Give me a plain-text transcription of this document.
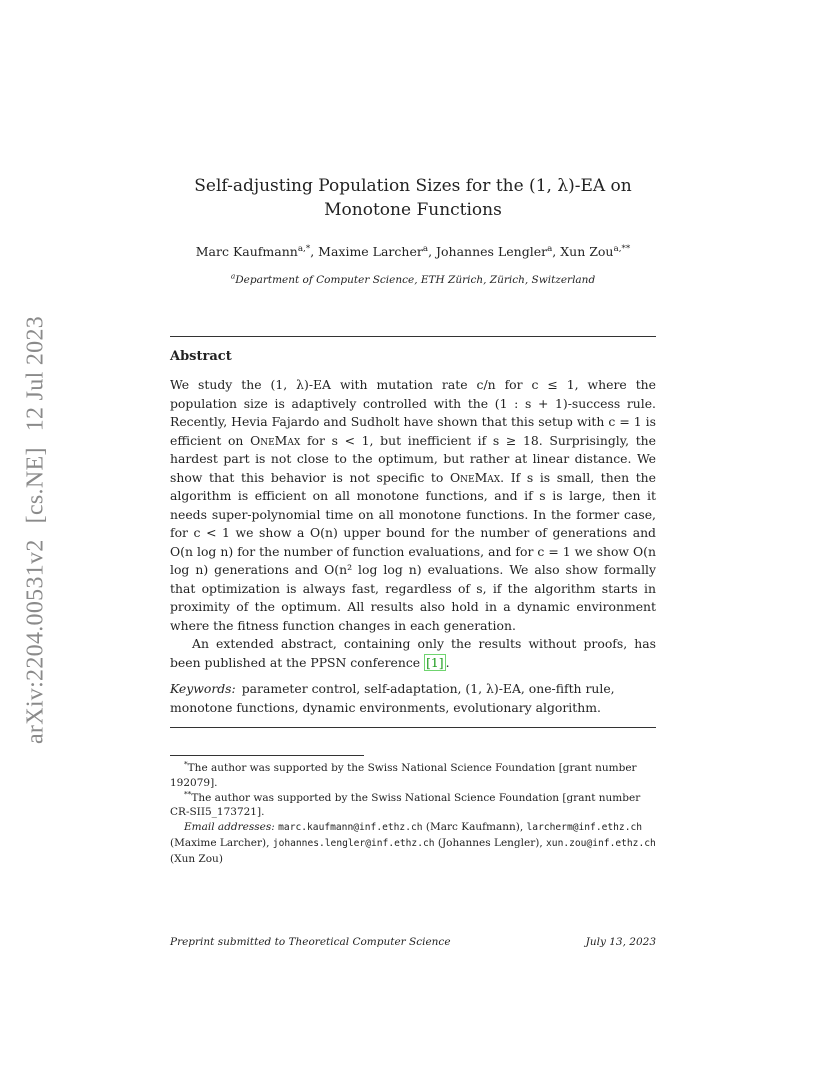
arXiv:2204.00531v2[cs.NE]12 Jul 2023
Self-adjusting Population Sizes for the (1, λ)-EA on
Monotone Functions
Marc Kaufmann$^{a,*}$, Maxime Larcher$^a$, Johannes Lengler$^a$, Xun Zou$^{a,**}$
$^a$Department of Computer Science, ETH Zürich, Zürich, Switzerland
Abstract

We study the (1, λ)-EA with mutation rate c/n for c ≤ 1, where the population size is adaptively controlled with the (1 : s + 1)-success rule. Recently, Hevia Fajardo and Sudholt have shown that this setup with c = 1 is efficient on OneMax for s < 1, but inefficient if s ≥ 18. Surprisingly, the hardest part is not close to the optimum, but rather at linear distance. We show that this behavior is not specific to OneMax. If s is small, then the algorithm is efficient on all monotone functions, and if s is large, then it needs super-polynomial time on all monotone functions. In the former case, for c < 1 we show a O(n) upper bound for the number of generations and O(n log n) for the number of function evaluations, and for c = 1 we show O(n log n) generations and O(n² log log n) evaluations. We also show formally that optimization is always fast, regardless of s, if the algorithm starts in proximity of the optimum. All results also hold in a dynamic environment where the fitness function changes in each generation.

An extended abstract, containing only the results without proofs, has been published at the PPSN conference [1] .

Keywords: parameter control, self-adaptation, (1, λ)-EA, one-fifth rule, monotone functions, dynamic environments, evolutionary algorithm.

*The author was supported by the Swiss National Science Foundation [grant number 192079].

**The author was supported by the Swiss National Science Foundation [grant number CR-SII5_173721].

Email addresses: marc.kaufmann@inf.ethz.ch (Marc Kaufmann), larcherm@inf.ethz.ch (Maxime Larcher), johannes.lengler@inf.ethz.ch (Johannes Lengler), xun.zou@inf.ethz.ch (Xun Zou)

Preprint submitted to Theoretical Computer Science	July 13, 2023
